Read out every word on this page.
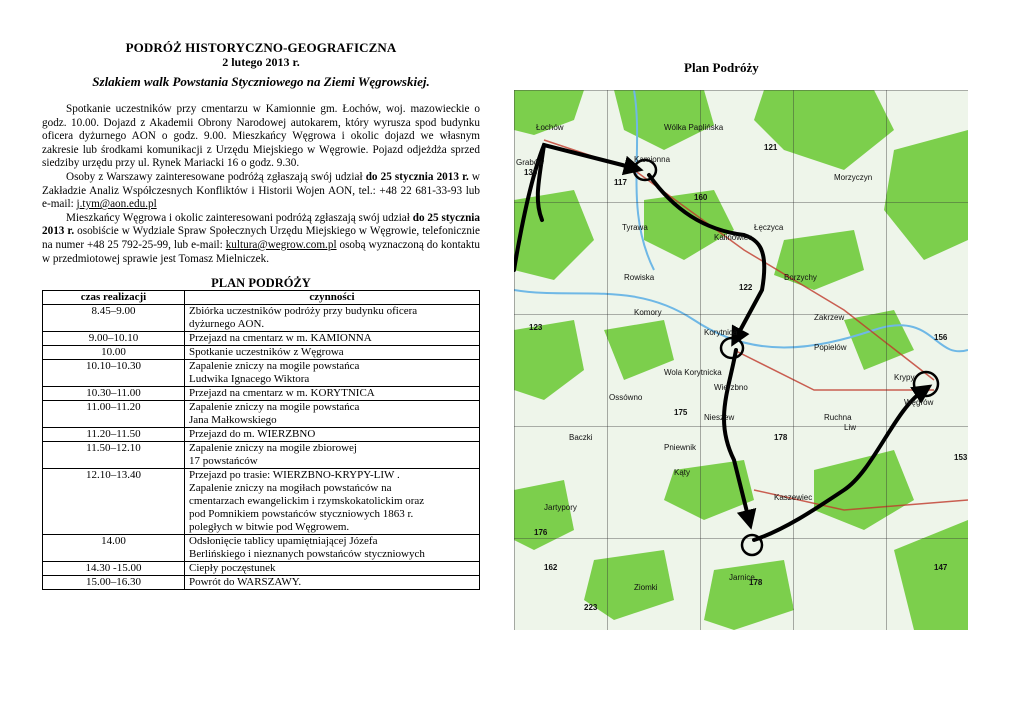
PODRÓŻ HISTORYCZNO-GEOGRAFICZNA
2 lutego 2013 r.
Szlakiem walk Powstania Styczniowego na Ziemi Węgrowskiej.

Spotkanie uczestników przy cmentarzu w Kamionnie gm. Łochów, woj. mazowieckie o godz. 10.00. Dojazd z Akademii Obrony Narodowej autokarem, który wyrusza spod budynku oficera dyżurnego AON o godz. 9.00. Mieszkańcy Węgrowa i okolic dojazd we własnym zakresie lub środkami komunikacji z Urzędu Miejskiego w Węgrowie. Pojazd odjeżdża sprzed siedziby urzędu przy ul. Rynek Mariacki 16 o godz. 9.30.

Osoby z Warszawy zainteresowane podróżą zgłaszają swój udział do 25 stycznia 2013 r. w Zakładzie Analiz Współczesnych Konfliktów i Historii Wojen AON, tel.: +48 22 681-33-93 lub e-mail: j.tym@aon.edu.pl

Mieszkańcy Węgrowa i okolic zainteresowani podróżą zgłaszają swój udział do 25 stycznia 2013 r. osobiście w Wydziale Spraw Społecznych Urzędu Miejskiego w Węgrowie, telefonicznie na numer +48 25 792-25-99, lub e-mail: kultura@wegrow.com.pl osobą wyznaczoną do kontaktu w przedmiotowej sprawie jest Tomasz Mielniczek.

PLAN PODRÓŻY
czas realizacji	czynności
8.45–9.00	Zbiórka uczestników podróży przy budynku oficera
dyżurnego AON.

9.00–10.10	Przejazd na cmentarz w m. KAMIONNA

10.00	Spotkanie uczestników z Węgrowa

10.10–10.30	Zapalenie zniczy na mogile powstańca
Ludwika Ignacego Wiktora

10.30–11.00	Przejazd na cmentarz w m. KORYTNICA

11.00–11.20	Zapalenie zniczy na mogile powstańca
Jana Małkowskiego

11.20–11.50	Przejazd do m. WIERZBNO

11.50–12.10	Zapalenie zniczy na mogile zbiorowej
17 powstańców

12.10–13.40	Przejazd po trasie: WIERZBNO-KRYPY-LIW .
Zapalenie zniczy na mogiłach powstańców na
cmentarzach ewangelickim i rzymskokatolickim oraz
pod Pomnikiem powstańców styczniowych 1863 r.
poległych w bitwie pod Węgrowem.

14.00	Odsłonięcie tablicy upamiętniającej Józefa
Berlińskiego i nieznanych powstańców styczniowych

14.30 -15.00	Ciepły poczęstunek

15.00–16.30	Powrót do WARSZAWY.
Plan Podróży
Łochów
Kamionna
Wólka Paplińska
Grabów
Tyrawa
Kalinowiec
Rowiska
Komory
Korytnica
Wola Korytnicka
Wierzbno
Węgrów
Krypy
Liw
Jarnice
Popielów
Nieszew
Ossówno
Zakrzew
Morzyczyn
Baczki
Borzychy
Pniewnik
Kąty
Jartypory
Łęczyca
Ruchna
Ziomki
Kaszewiec
130
117
122
123
175
176
178
147
153
160
162
156
121
178
223
